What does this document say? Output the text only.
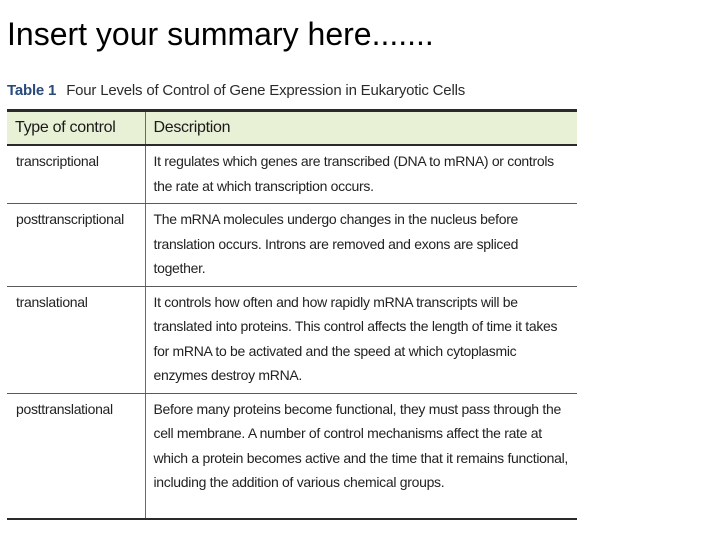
Insert your summary here.......
Table 1 Four Levels of Control of Gene Expression in Eukaryotic Cells
Type of control	Description
transcriptional	It regulates which genes are transcribed (DNA to mRNA) or controls the rate at which transcription occurs.
posttranscriptional	The mRNA molecules undergo changes in the nucleus before translation occurs. Introns are removed and exons are spliced together.
translational	It controls how often and how rapidly mRNA transcripts will be translated into proteins. This control affects the length of time it takes for mRNA to be activated and the speed at which cytoplasmic enzymes destroy mRNA.
posttranslational	Before many proteins become functional, they must pass through the cell membrane. A number of control mechanisms affect the rate at which a protein becomes active and the time that it remains functional, including the addition of various chemical groups.
